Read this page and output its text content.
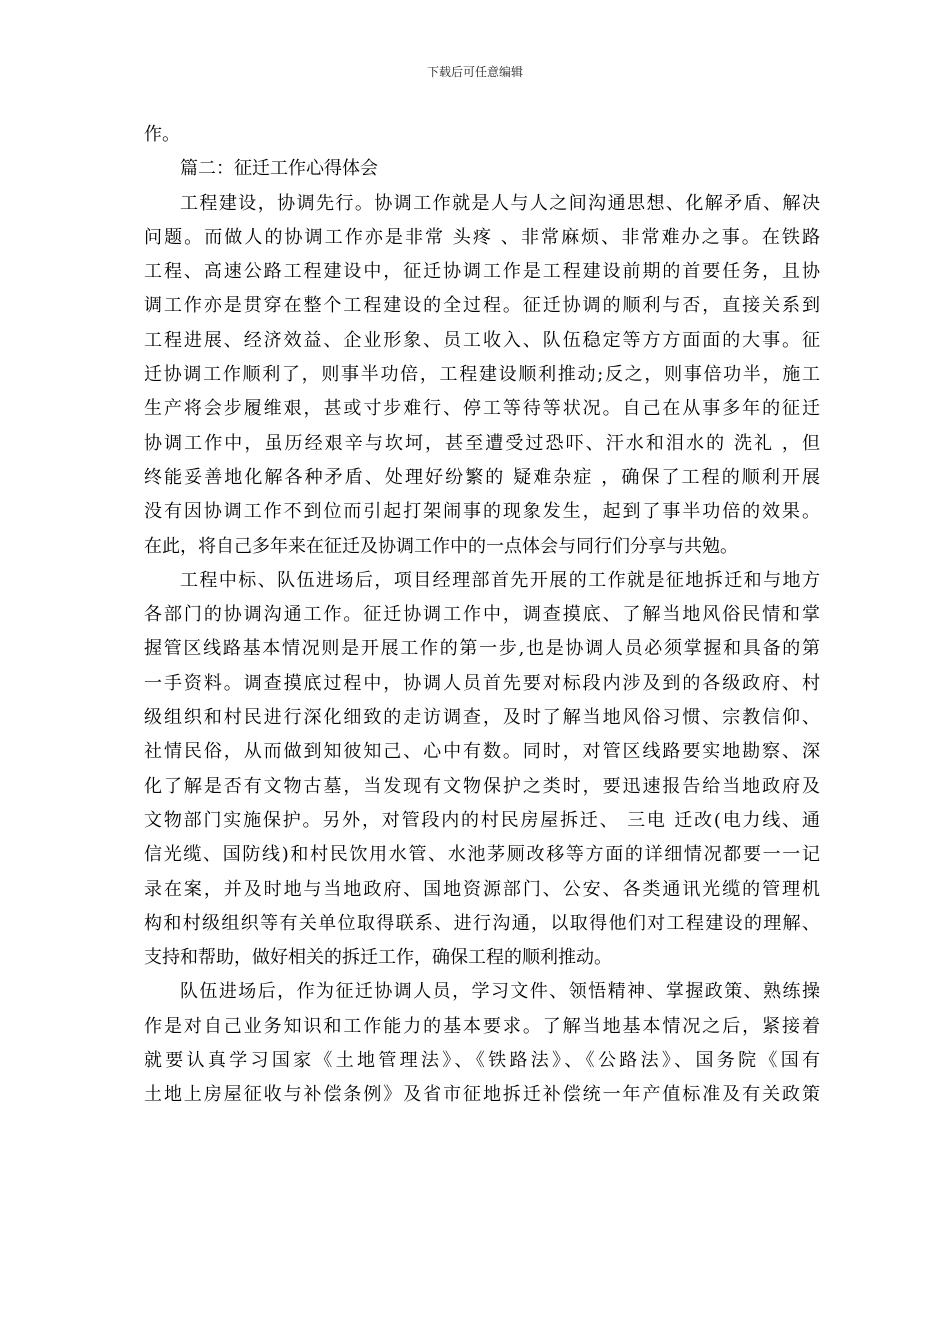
下载后可任意编辑
作。
篇二：征迁工作心得体会
工程建设，协调先行。协调工作就是人与人之间沟通思想、化解矛盾、解决
问题。而做人的协调工作亦是非常 头疼 、非常麻烦、非常难办之事。在铁路
工程、高速公路工程建设中，征迁协调工作是工程建设前期的首要任务，且协
调工作亦是贯穿在整个工程建设的全过程。征迁协调的顺利与否，直接关系到
工程进展、经济效益、企业形象、员工收入、队伍稳定等方方面面的大事。征
迁协调工作顺利了，则事半功倍，工程建设顺利推动;反之，则事倍功半，施工
生产将会步履维艰，甚或寸步难行、停工等待等状况。自己在从事多年的征迁
协调工作中，虽历经艰辛与坎坷，甚至遭受过恐吓、汗水和泪水的 洗礼 ，但
终能妥善地化解各种矛盾、处理好纷繁的 疑难杂症 ，确保了工程的顺利开展
没有因协调工作不到位而引起打架闹事的现象发生，起到了事半功倍的效果。
在此，将自己多年来在征迁及协调工作中的一点体会与同行们分享与共勉。
工程中标、队伍进场后，项目经理部首先开展的工作就是征地拆迁和与地方
各部门的协调沟通工作。征迁协调工作中，调查摸底、了解当地风俗民情和掌
握管区线路基本情况则是开展工作的第一步,也是协调人员必须掌握和具备的第
一手资料。调查摸底过程中，协调人员首先要对标段内涉及到的各级政府、村
级组织和村民进行深化细致的走访调查，及时了解当地风俗习惯、宗教信仰、
社情民俗，从而做到知彼知己、心中有数。同时，对管区线路要实地勘察、深
化了解是否有文物古墓，当发现有文物保护之类时，要迅速报告给当地政府及
文物部门实施保护。另外，对管段内的村民房屋拆迁、 三电 迁改(电力线、通
信光缆、国防线)和村民饮用水管、水池茅厕改移等方面的详细情况都要一一记
录在案，并及时地与当地政府、国地资源部门、公安、各类通讯光缆的管理机
构和村级组织等有关单位取得联系、进行沟通，以取得他们对工程建设的理解、
支持和帮助，做好相关的拆迁工作，确保工程的顺利推动。
队伍进场后，作为征迁协调人员，学习文件、领悟精神、掌握政策、熟练操
作是对自己业务知识和工作能力的基本要求。了解当地基本情况之后，紧接着
就要认真学习国家《土地管理法》、《铁路法》、《公路法》、国务院《国有
土地上房屋征收与补偿条例》及省市征地拆迁补偿统一年产值标准及有关政策
